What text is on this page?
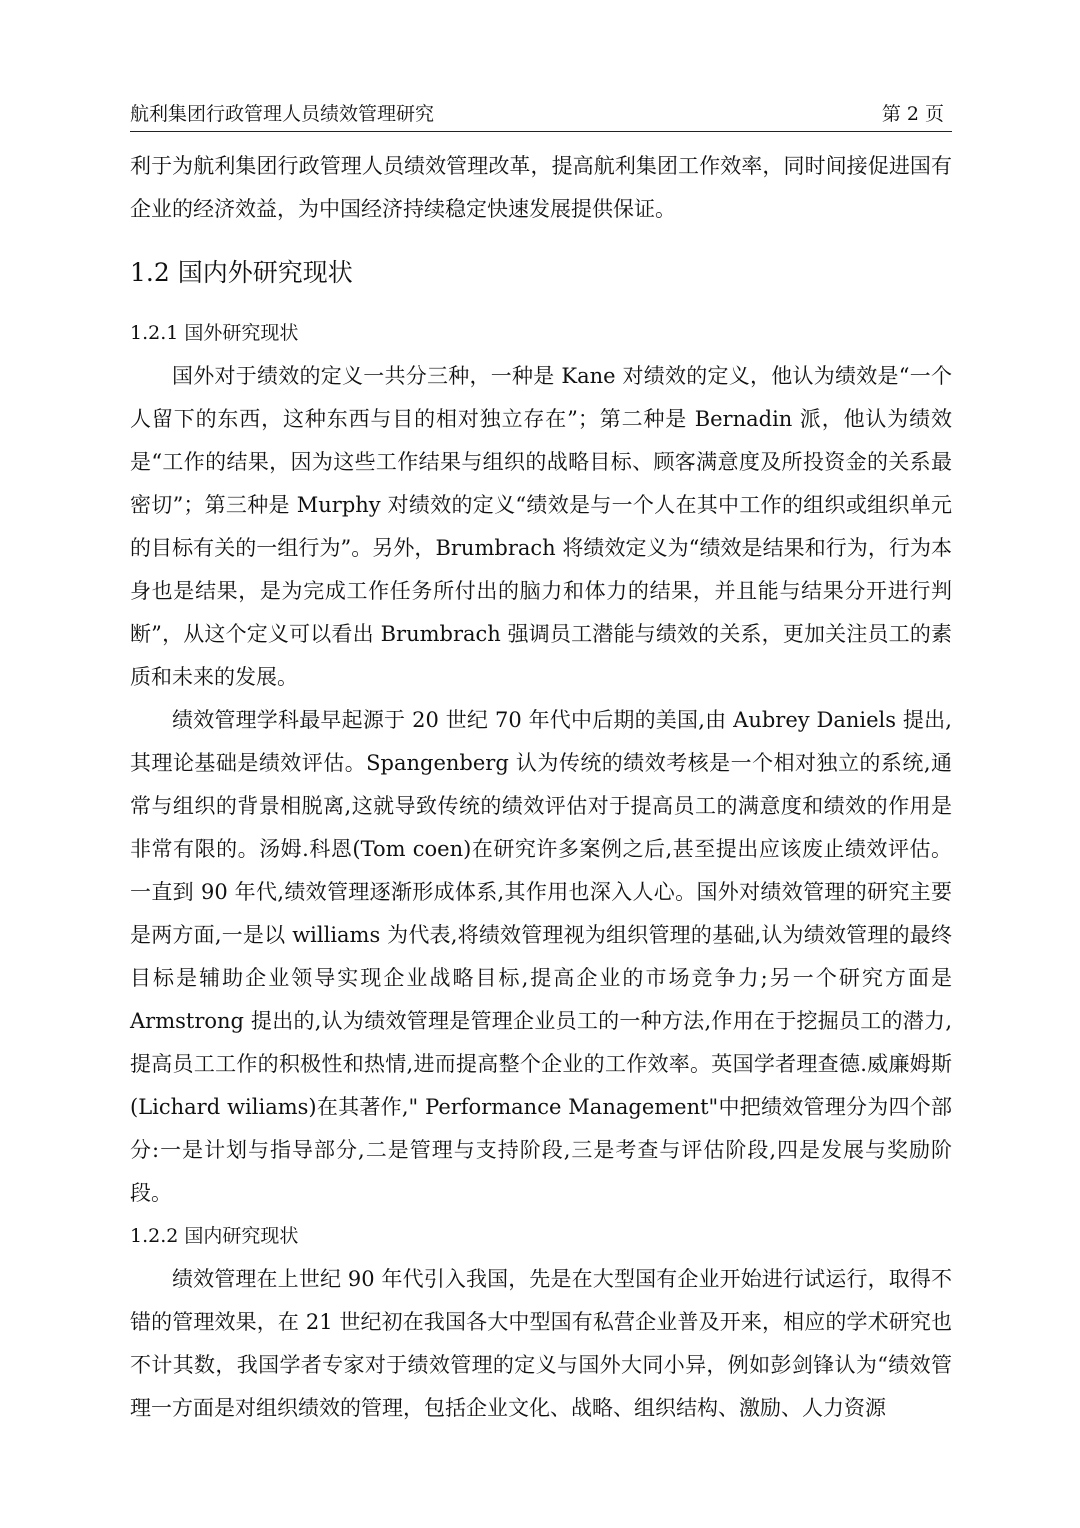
航利集团行政管理人员绩效管理研究	第 2 页

利于为航利集团行政管理人员绩效管理改革，提高航利集团工作效率，同时间接促进国有企业的经济效益，为中国经济持续稳定快速发展提供保证。

1.2 国内外研究现状
1.2.1 国外研究现状

国外对于绩效的定义一共分三种，一种是 Kane 对绩效的定义，他认为绩效是“一个人留下的东西，这种东西与目的相对独立存在”；第二种是 Bernadin 派，他认为绩效是“工作的结果，因为这些工作结果与组织的战略目标、顾客满意度及所投资金的关系最密切”；第三种是 Murphy 对绩效的定义“绩效是与一个人在其中工作的组织或组织单元的目标有关的一组行为”。另外，Brumbrach 将绩效定义为“绩效是结果和行为，行为本身也是结果，是为完成工作任务所付出的脑力和体力的结果，并且能与结果分开进行判断”，从这个定义可以看出 Brumbrach 强调员工潜能与绩效的关系，更加关注员工的素质和未来的发展。

绩效管理学科最早起源于 20 世纪 70 年代中后期的美国,由 Aubrey Daniels 提出,其理论基础是绩效评估。Spangenberg 认为传统的绩效考核是一个相对独立的系统,通常与组织的背景相脱离,这就导致传统的绩效评估对于提高员工的满意度和绩效的作用是非常有限的。汤姆.科恩(Tom coen)在研究许多案例之后,甚至提出应该废止绩效评估。一直到 90 年代,绩效管理逐渐形成体系,其作用也深入人心。国外对绩效管理的研究主要是两方面,一是以 williams 为代表,将绩效管理视为组织管理的基础,认为绩效管理的最终目标是辅助企业领导实现企业战略目标,提高企业的市场竞争力;另一个研究方面是 Armstrong 提出的,认为绩效管理是管理企业员工的一种方法,作用在于挖掘员工的潜力,提高员工工作的积极性和热情,进而提高整个企业的工作效率。英国学者理查德.威廉姆斯(Lichard wiliams)在其著作," Performance Management"中把绩效管理分为四个部分:一是计划与指导部分,二是管理与支持阶段,三是考查与评估阶段,四是发展与奖励阶段。

1.2.2 国内研究现状

绩效管理在上世纪 90 年代引入我国，先是在大型国有企业开始进行试运行，取得不错的管理效果，在 21 世纪初在我国各大中型国有私营企业普及开来，相应的学术研究也不计其数，我国学者专家对于绩效管理的定义与国外大同小异，例如彭剑锋认为“绩效管理一方面是对组织绩效的管理，包括企业文化、战略、组织结构、激励、人力资源
